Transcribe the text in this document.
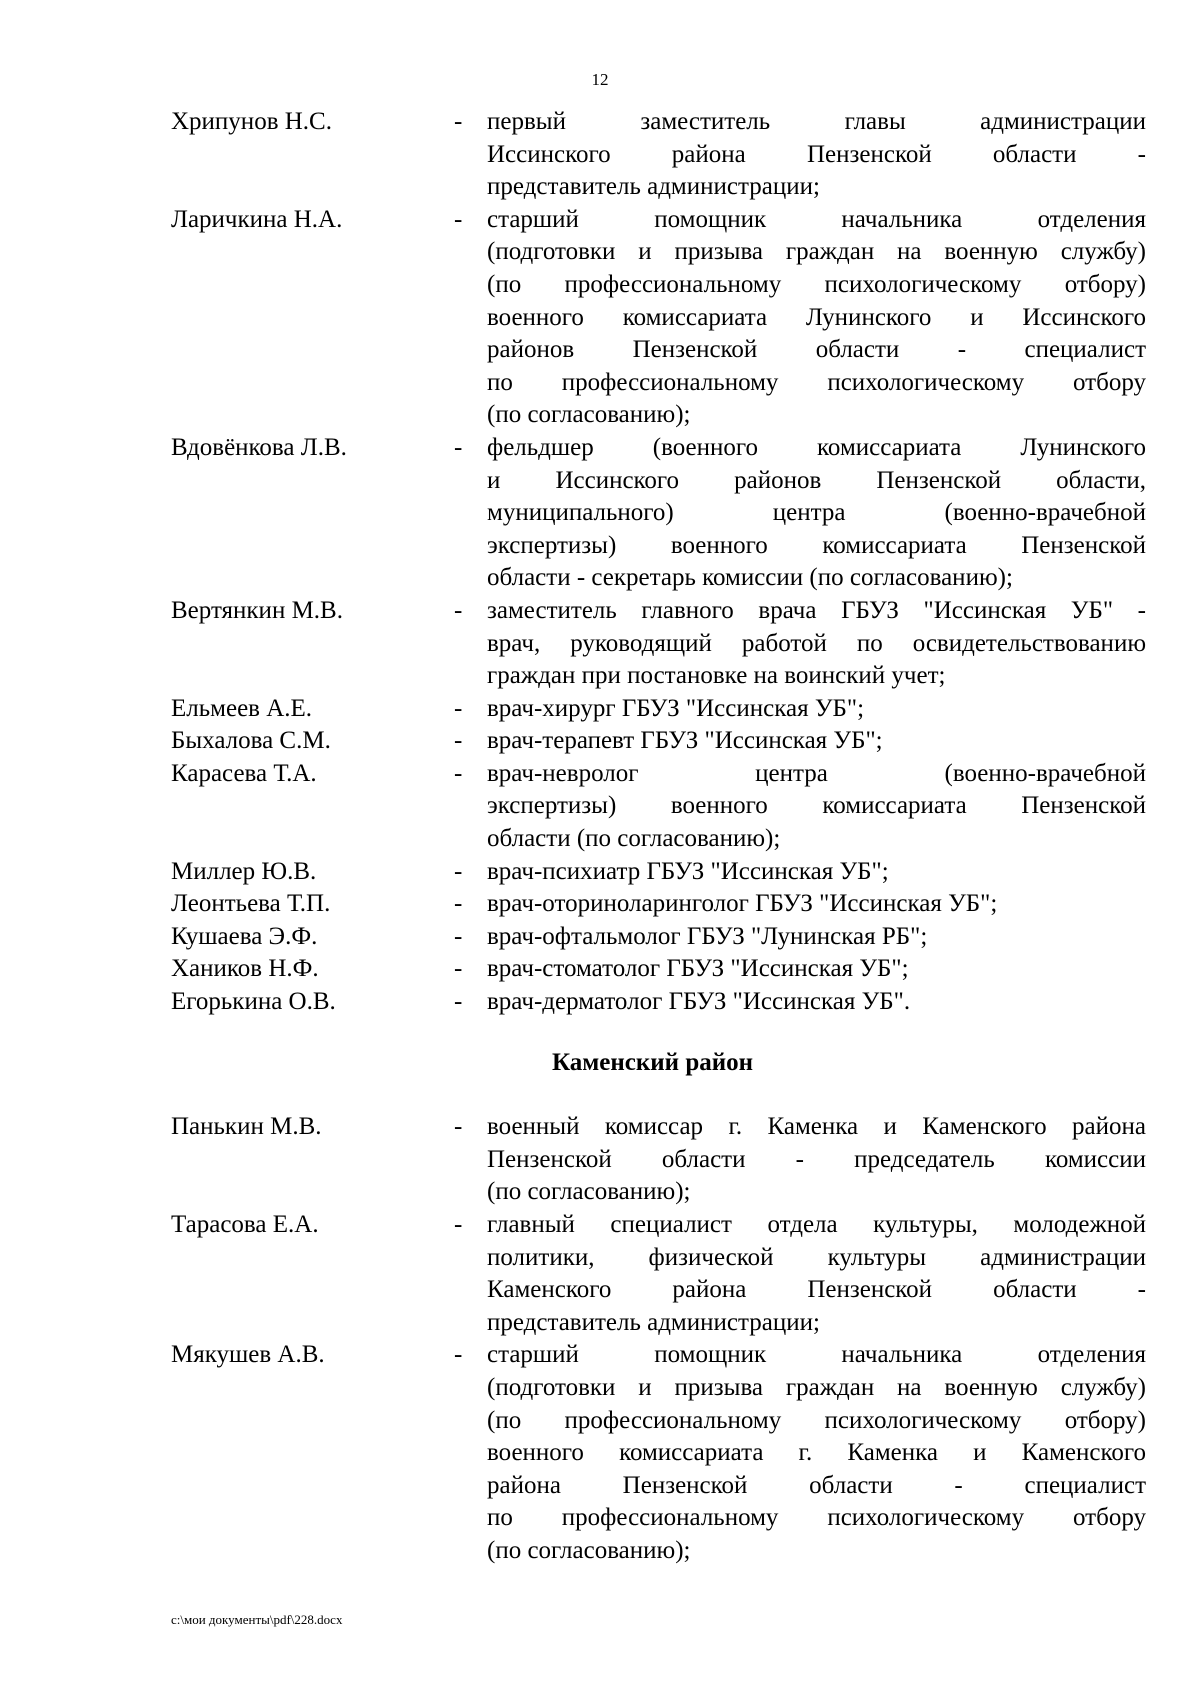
12
Хрипунов Н.С.	- первый заместитель главы администрации
Иссинского района Пензенской области -
представитель администрации;
Ларичкина Н.А.	- старший помощник начальника отделения
(подготовки и призыва граждан на военную службу)
(по профессиональному психологическому отбору)
военного комиссариата Лунинского и Иссинского
районов Пензенской области - специалист
по профессиональному психологическому отбору
(по согласованию);
Вдовёнкова Л.В.	- фельдшер (военного комиссариата Лунинского
и Иссинского районов Пензенской области,
муниципального) центра (военно-врачебной
экспертизы) военного комиссариата Пензенской
области - секретарь комиссии (по согласованию);
Вертянкин М.В.	- заместитель главного врача ГБУЗ "Иссинская УБ" -
врач, руководящий работой по освидетельствованию
граждан при постановке на воинский учет;
Ельмеев А.Е.	- врач-хирург ГБУЗ "Иссинская УБ";
Быхалова С.М.	- врач-терапевт ГБУЗ "Иссинская УБ";
Карасева Т.А.	- врач-невролог центра (военно-врачебной
экспертизы) военного комиссариата Пензенской
области (по согласованию);
Миллер Ю.В.	- врач-психиатр ГБУЗ "Иссинская УБ";
Леонтьева Т.П.	- врач-оториноларинголог ГБУЗ "Иссинская УБ";
Кушаева Э.Ф.	- врач-офтальмолог ГБУЗ "Лунинская РБ";
Хаников Н.Ф.	- врач-стоматолог ГБУЗ "Иссинская УБ";
Егорькина О.В.	- врач-дерматолог ГБУЗ "Иссинская УБ".
Каменский район
Панькин М.В.	- военный комиссар г. Каменка и Каменского района
Пензенской области - председатель комиссии
(по согласованию);
Тарасова Е.А.	- главный специалист отдела культуры, молодежной
политики, физической культуры администрации
Каменского района Пензенской области -
представитель администрации;
Мякушев А.В.	- старший помощник начальника отделения
(подготовки и призыва граждан на военную службу)
(по профессиональному психологическому отбору)
военного комиссариата г. Каменка и Каменского
района Пензенской области - специалист
по профессиональному психологическому отбору
(по согласованию);
c:\мои документы\pdf\228.docx
